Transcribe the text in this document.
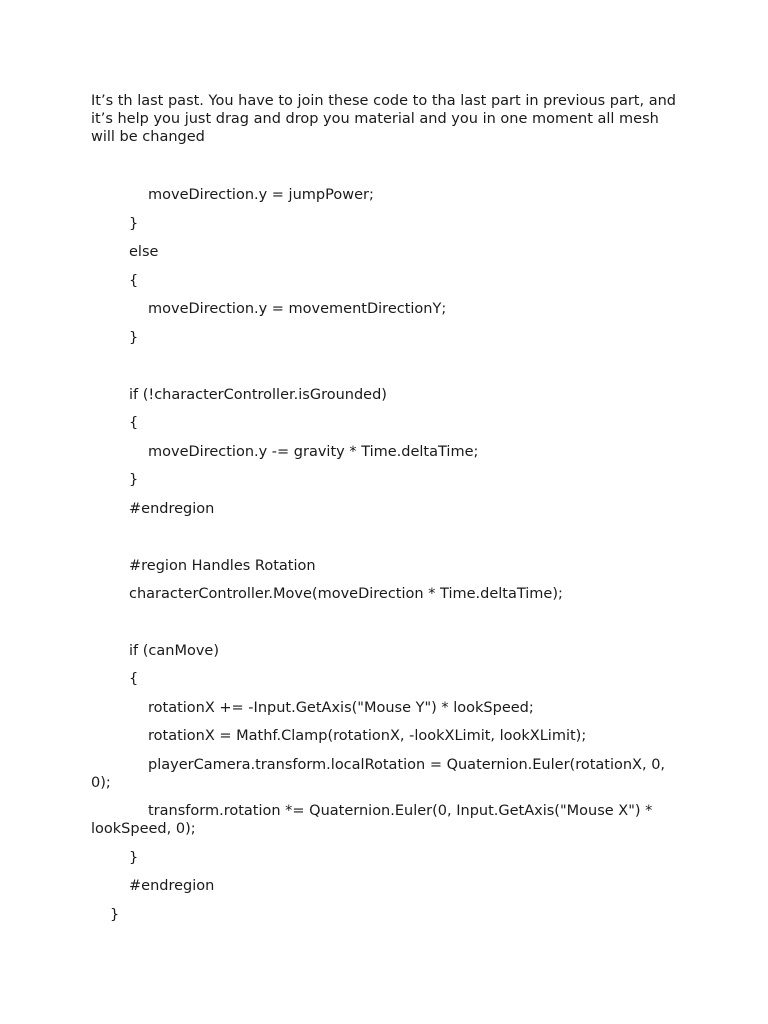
It’s th last past. You have to join these code to tha last part in previous part, and it’s help you just drag and drop you material and you in one moment all mesh will be changed

moveDirection.y = jumpPower;
}
else
{
moveDirection.y = movementDirectionY;
}
if (!characterController.isGrounded)
{
moveDirection.y -= gravity * Time.deltaTime;
}
#endregion
#region Handles Rotation
characterController.Move(moveDirection * Time.deltaTime);
if (canMove)
{
rotationX += -Input.GetAxis("Mouse Y") * lookSpeed;
rotationX = Mathf.Clamp(rotationX, -lookXLimit, lookXLimit);
playerCamera.transform.localRotation = Quaternion.Euler(rotationX, 0, 0);
transform.rotation *= Quaternion.Euler(0, Input.GetAxis("Mouse X") * lookSpeed, 0);
}
#endregion
}
